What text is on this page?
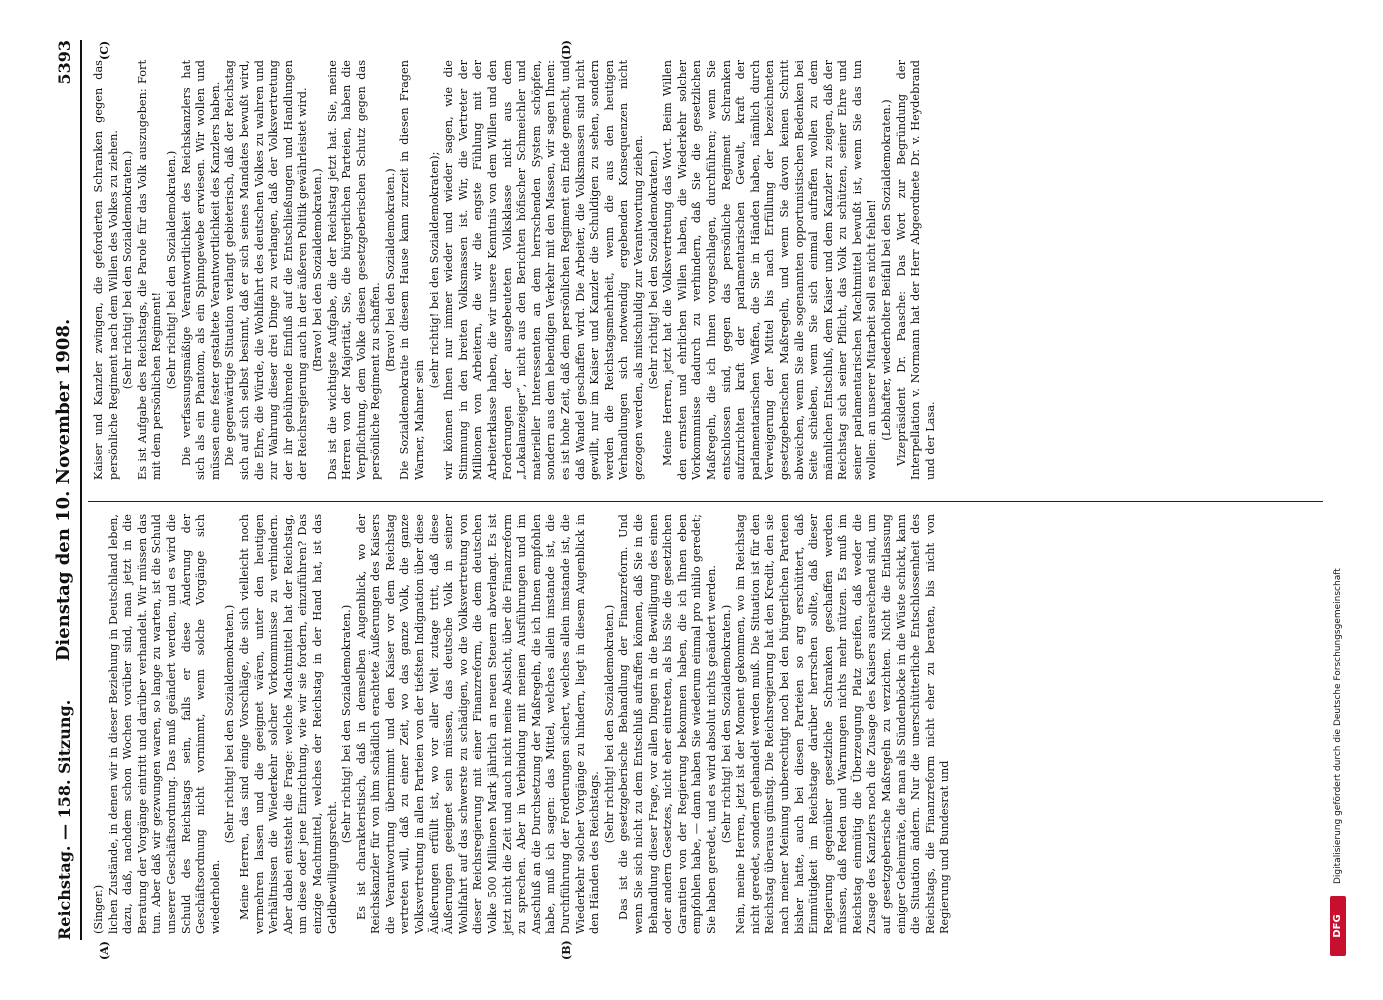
Reichstag. — 158. Sitzung.
Dienstag den 10. November 1908.
5393
(A)	(B)
(C)	(D)

(Singer.) lichen Zustände, in denen wir in dieser Beziehung in Deutschland leben, dazu, daß, nachdem schon Wochen vorüber sind, man jetzt in die Beratung der Vorgänge eintritt und darüber verhandelt. Wir müssen das tun. Aber daß wir gezwungen waren, so lange zu warten, ist die Schuld unserer Geschäftsordnung. Das muß geändert werden, und es wird die Schuld des Reichstags sein, falls er diese Änderung der Geschäftsordnung nicht vornimmt, wenn solche Vorgänge sich wiederholen.

(Sehr richtig! bei den Sozialdemokraten.) Meine Herren, das sind einige Vorschläge, die sich vielleicht noch vermehren lassen und die geeignet wären, unter den heutigen Verhältnissen die Wiederkehr solcher Vorkommnisse zu verhindern. Aber dabei entsteht die Frage: welche Machtmittel hat der Reichstag, um diese oder jene Einrichtung, wie wir sie fordern, einzuführen? Das einzige Machtmittel, welches der Reichstag in der Hand hat, ist das Geldbewilligungsrecht.

(Sehr richtig! bei den Sozialdemokraten.) Es ist charakteristisch, daß in demselben Augenblick, wo der Reichskanzler für von ihm schädlich erachtete Äußerungen des Kaisers die Verantwortung übernimmt und den Kaiser vor dem Reichstag vertreten will, daß zu einer Zeit, wo das ganze Volk, die ganze Volksvertretung in allen Parteien von der tiefsten Indignation über diese Äußerungen erfüllt ist, wo vor aller Welt zutage tritt, daß diese Äußerungen geeignet sein müssen, das deutsche Volk in seiner Wohlfahrt auf das schwerste zu schädigen, wo die Volksvertretung von dieser Reichsregierung mit einer Finanzreform, die dem deutschen Volke 500 Millionen Mark jährlich an neuen Steuern abverlangt. Es ist jetzt nicht die Zeit und auch nicht meine Absicht, über die Finanzreform zu sprechen. Aber in Verbindung mit meinen Ausführungen und im Anschluß an die Durchsetzung der Maßregeln, die ich Ihnen empfohlen habe, muß ich sagen: das Mittel, welches allein imstande ist, die Durchführung der Forderungen sichert, welches allein imstande ist, die Wiederkehr solcher Vorgänge zu hindern, liegt in diesem Augenblick in den Händen des Reichstags.

(Sehr richtig! bei den Sozialdemokraten.) Das ist die gesetzgeberische Behandlung der Finanzreform. Und wenn Sie sich nicht zu dem Entschluß aufraffen können, daß Sie in die Behandlung dieser Frage, vor allen Dingen in die Bewilligung des einen oder andern Gesetzes, nicht eher eintreten, als bis Sie die gesetzlichen Garantien von der Regierung bekommen haben, die ich Ihnen eben empfohlen habe, — dann haben Sie wiederum einmal pro nihilo geredet; Sie haben geredet, und es wird absolut nichts geändert werden. (Sehr richtig! bei den Sozialdemokraten.) Nein, meine Herren, jetzt ist der Moment gekommen, wo im Reichstag nicht geredet, sondern gehandelt werden muß. Die Situation ist für den Reichstag überaus günstig. Die Reichsregierung hat den Kredit, den sie nach meiner Meinung unberechtigt noch bei den bürgerlichen Parteien bisher hatte, auch bei diesen Parteien so arg erschüttert, daß Einmütigkeit im Reichstage darüber herrschen sollte, daß dieser Regierung gegenüber gesetzliche Schranken geschaffen werden müssen, daß Reden und Warnungen nichts mehr nützen. Es muß im Reichstag einmütig die Überzeugung Platz greifen, daß weder die Zusage des Kanzlers noch die Zusage des Kaisers ausreichend sind, um auf gesetzgeberische Maßregeln zu verzichten. Nicht die Entlassung einiger Geheimräte, die man als Sündenböcke in die Wüste schickt, kann die Situation ändern. Nur die unerschütterliche Entschlossenheit des Reichstags, die Finanzreform nicht eher zu beraten, bis nicht von Regierung und Bundesrat und

Kaiser und Kanzler zwingen, die geforderten Schranken gegen das persönliche Regiment nach dem Willen des Volkes zu ziehen. (Sehr richtig! bei den Sozialdemokraten.) Es ist Aufgabe des Reichstags, die Parole für das Volk auszugeben: Fort mit dem persönlichen Regiment! (Sehr richtig! bei den Sozialdemokraten.) Die verfassungsmäßige Verantwortlichkeit des Reichskanzlers hat sich als ein Phantom, als ein Spinngewebe erwiesen. Wir wollen und müssen eine fester gestaltete Verantwortlichkeit des Kanzlers haben. Die gegenwärtige Situation verlangt gebieterisch, daß der Reichstag sich auf sich selbst besinnt, daß er sich seines Mandates bewußt wird, die Ehre, die Würde, die Wohlfahrt des deutschen Volkes zu wahren und zur Wahrung dieser drei Dinge zu verlangen, daß der Volksvertretung der ihr gebührende Einfluß auf die Entschließungen und Handlungen der Reichsregierung auch in der äußeren Politik gewährleistet wird. (Bravo! bei den Sozialdemokraten.) Das ist die wichtigste Aufgabe, die der Reichstag jetzt hat. Sie, meine Herren von der Majorität, Sie, die bürgerlichen Parteien, haben die Verpflichtung, dem Volke diesen gesetzgeberischen Schutz gegen das persönliche Regiment zu schaffen.

(Bravo! bei den Sozialdemokraten.) Die Sozialdemokratie in diesem Hause kann zurzeit in diesen Fragen Warner, Mahner sein

(sehr richtig! bei den Sozialdemokraten); wir können Ihnen nur immer wieder und wieder sagen, wie die Stimmung in den breiten Volksmassen ist. Wir, die Vertreter der Millionen von Arbeitern, die wir die engste Fühlung mit der Arbeiterklasse haben, die wir unsere Kenntnis von dem Willen und den Forderungen der ausgebeuteten Volksklasse nicht aus dem „Lokalanzeiger“, nicht aus den Berichten höfischer Schmeichler und materieller Interessenten an dem herrschenden System schöpfen, sondern aus dem lebendigen Verkehr mit den Massen, wir sagen Ihnen: es ist hohe Zeit, daß dem persönlichen Regiment ein Ende gemacht, und daß Wandel geschaffen wird. Die Arbeiter, die Volksmassen sind nicht gewillt, nur im Kaiser und Kanzler die Schuldigen zu sehen, sondern werden die Reichstagsmehrheit, wenn die aus den heutigen Verhandlungen sich notwendig ergebenden Konsequenzen nicht gezogen werden, als mitschuldig zur Verantwortung ziehen. (Sehr richtig! bei den Sozialdemokraten.) Meine Herren, jetzt hat die Volksvertretung das Wort. Beim Willen den ernsten und ehrlichen Willen haben, die Wiederkehr solcher Vorkommnisse dadurch zu verhindern, daß Sie die gesetzlichen Maßregeln, die ich Ihnen vorgeschlagen, durchführen; wenn Sie entschlossen sind, gegen das persönliche Regiment Schranken aufzurichten kraft der parlamentarischen Gewalt, kraft der parlamentarischen Waffen, die Sie in Händen haben, nämlich durch Verweigerung der Mittel bis nach Erfüllung der bezeichneten gesetzgeberischen Maßregeln, und wenn Sie davon keinen Schritt abweichen, wenn Sie alle sogenannten opportunistischen Bedenken bei Seite schieben, wenn Sie sich einmal aufraffen wollen zu dem männlichen Entschluß, dem Kaiser und dem Kanzler zu zeigen, daß der Reichstag sich seiner Pflicht, das Volk zu schützen, seiner Ehre und seiner parlamentarischen Machtmittel bewußt ist, wenn Sie das tun wollen: an unserer Mitarbeit soll es nicht fehlen! (Lebhafter, wiederholter Beifall bei den Sozialdemokraten.) Vizepräsident Dr. Paasche: Das Wort zur Begründung der Interpellation v. Normann hat der Herr Abgeordnete Dr. v. Heydebrand und der Lasa.

DFG
Digitalisierung gefördert durch die Deutsche Forschungsgemeinschaft
